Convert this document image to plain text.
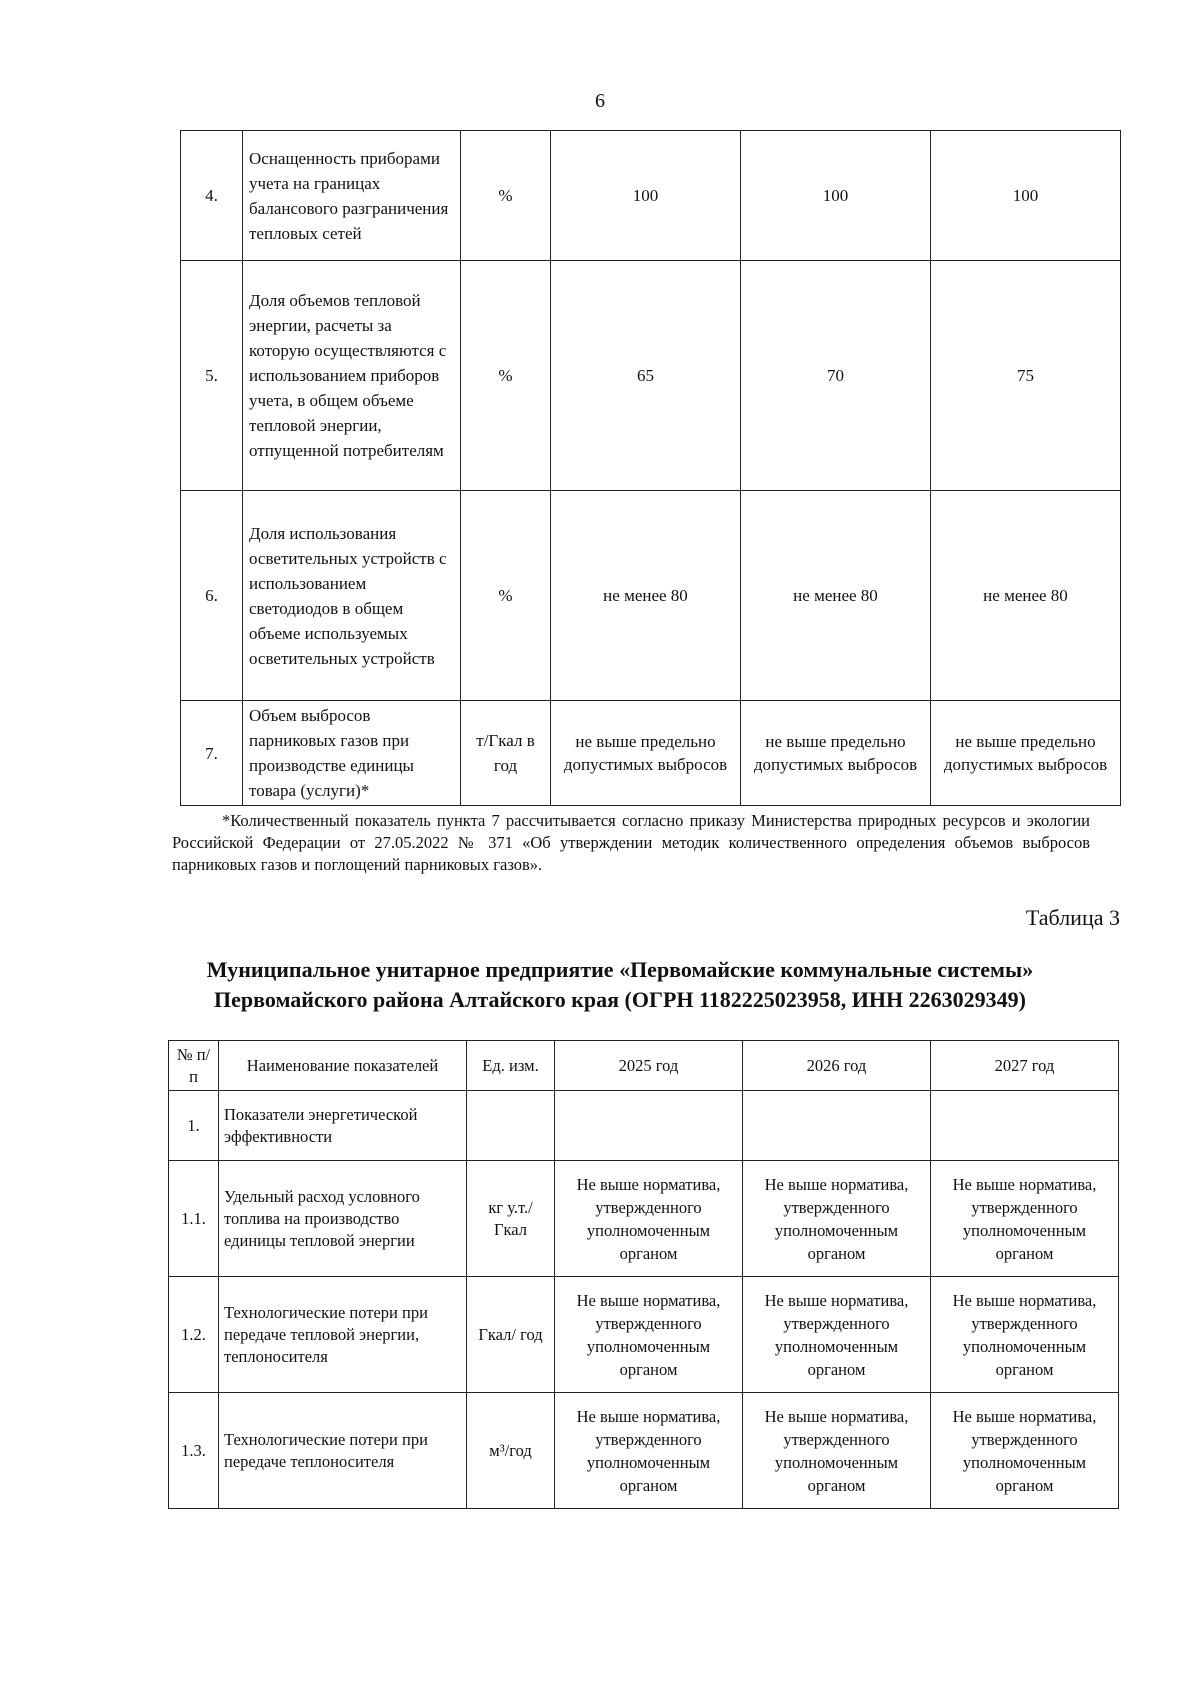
6
4.	Оснащенность приборами учета на границах балансового разграничения тепловых сетей	%	100	100	100
5.	Доля объемов тепловой энергии, расчеты за которую осуществляются с использованием приборов учета, в общем объеме тепловой энергии, отпущенной потребителям	%	65	70	75
6.	Доля использования осветительных устройств с использованием светодиодов в общем объеме используемых осветительных устройств	%	не менее 80	не менее 80	не менее 80
7.	Объем выбросов парниковых газов при производстве единицы товара (услуги)*	т/Гкал в год	не выше предельно допустимых выбросов	не выше предельно допустимых выбросов	не выше предельно допустимых выбросов
*Количественный показатель пункта 7 рассчитывается согласно приказу Министерства природных ресурсов и экологии Российской Федерации от 27.05.2022 № 371 «Об утверждении методик количественного определения объемов выбросов парниковых газов и поглощений парниковых газов».
Таблица 3
Муниципальное унитарное предприятие «Первомайские коммунальные системы»
Первомайского района Алтайского края (ОГРН 1182225023958, ИНН 2263029349)
№ п/п	Наименование показателей	Ед. изм.	2025 год	2026 год	2027 год
1.	Показатели энергетической эффективности				
1.1.	Удельный расход условного топлива на производство единицы тепловой энергии	кг у.т./ Гкал	Не выше норматива, утвержденного уполномоченным органом	Не выше норматива, утвержденного уполномоченным органом	Не выше норматива, утвержденного уполномоченным органом
1.2.	Технологические потери при передаче тепловой энергии, теплоносителя	Гкал/ год	Не выше норматива, утвержденного уполномоченным органом	Не выше норматива, утвержденного уполномоченным органом	Не выше норматива, утвержденного уполномоченным органом
1.3.	Технологические потери при передаче теплоносителя	м³/год	Не выше норматива, утвержденного уполномоченным органом	Не выше норматива, утвержденного уполномоченным органом	Не выше норматива, утвержденного уполномоченным органом
